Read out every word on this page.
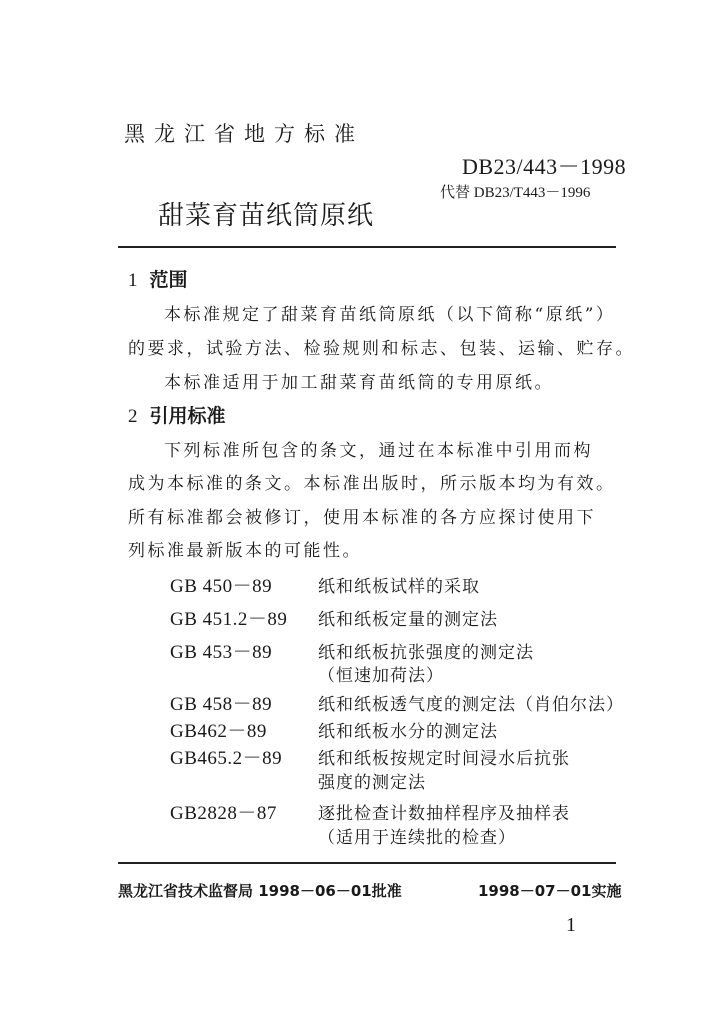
黑龙江省地方标准
DB23/443－1998
代替 DB23/T443－1996
甜菜育苗纸筒原纸
1 范围
本标准规定了甜菜育苗纸筒原纸（以下简称“原纸”）
的要求，试验方法、检验规则和标志、包装、运输、贮存。
本标准适用于加工甜菜育苗纸筒的专用原纸。
2 引用标准
下列标准所包含的条文，通过在本标准中引用而构
成为本标准的条文。本标准出版时，所示版本均为有效。
所有标准都会被修订，使用本标准的各方应探讨使用下
列标准最新版本的可能性。
GB 450－89	纸和纸板试样的采取
GB 451.2－89 纸和纸板定量的测定法
GB 453－89	纸和纸板抗张强度的测定法
（恒速加荷法）
GB 458－89	纸和纸板透气度的测定法（肖伯尔法）
GB462－89	纸和纸板水分的测定法
GB465.2－89 纸和纸板按规定时间浸水后抗张
强度的测定法
GB2828－87 逐批检查计数抽样程序及抽样表
（适用于连续批的检查）
黑龙江省技术监督局 1998－06－01批准	1998－07－01实施
1
